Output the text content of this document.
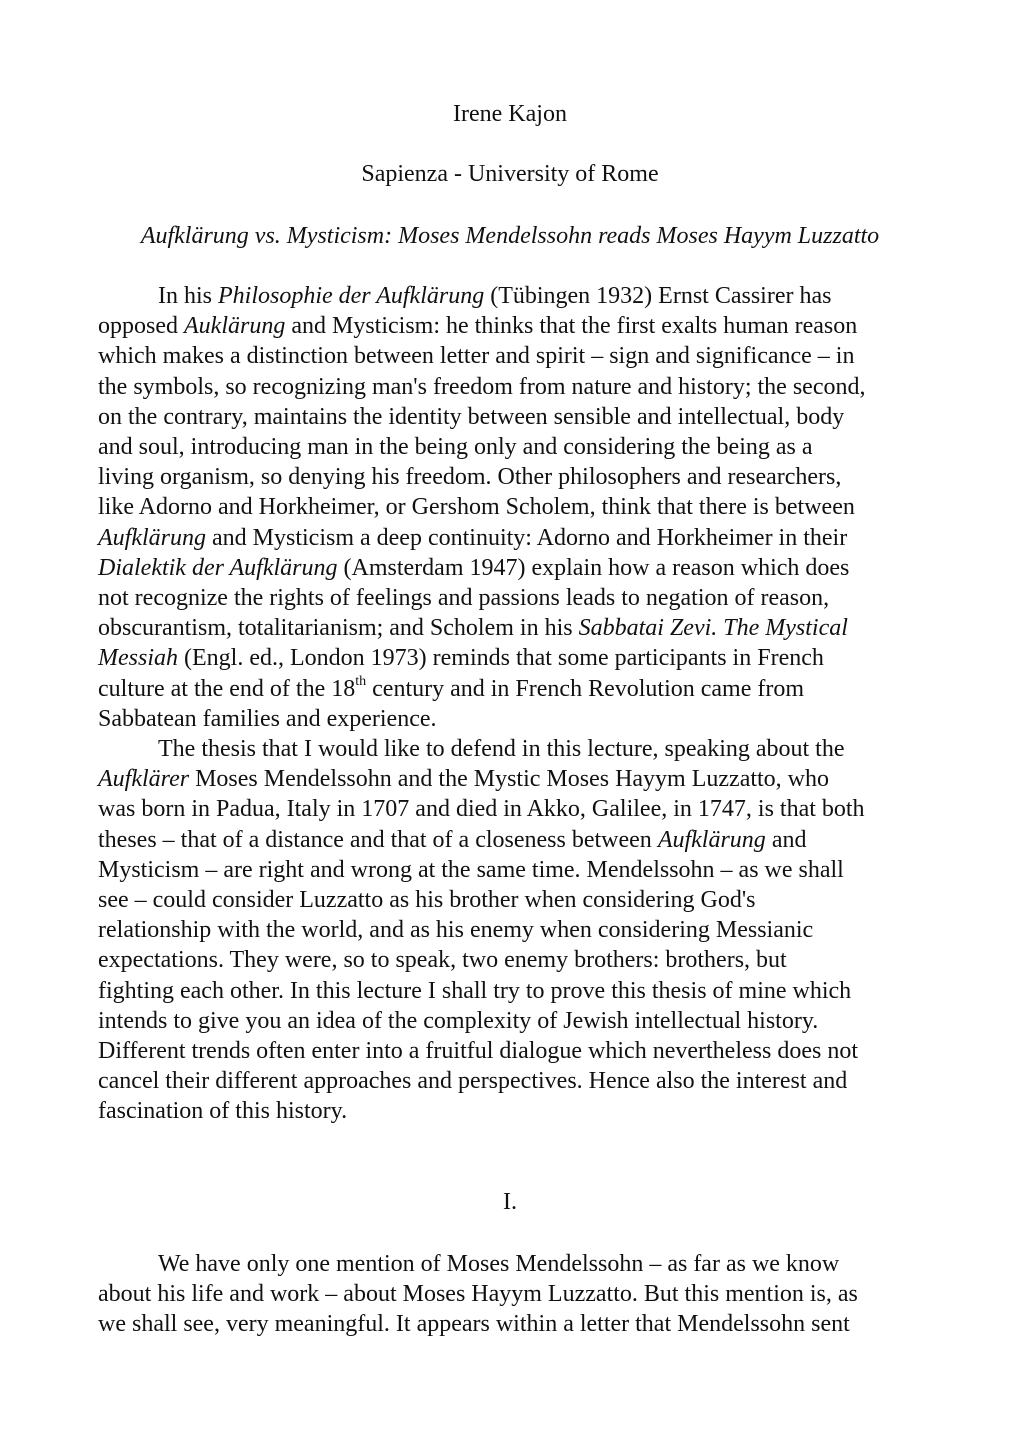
Irene Kajon
Sapienza - University of Rome
Aufklärung vs. Mysticism: Moses Mendelssohn reads Moses Hayym Luzzatto
In his Philosophie der Aufklärung (Tübingen 1932) Ernst Cassirer has
opposed Auklärung and Mysticism: he thinks that the first exalts human reason
which makes a distinction between letter and spirit – sign and significance – in
the symbols, so recognizing man's freedom from nature and history; the second,
on the contrary, maintains the identity between sensible and intellectual, body
and soul, introducing man in the being only and considering the being as a
living organism, so denying his freedom. Other philosophers and researchers,
like Adorno and Horkheimer, or Gershom Scholem, think that there is between
Aufklärung and Mysticism a deep continuity: Adorno and Horkheimer in their
Dialektik der Aufklärung (Amsterdam 1947) explain how a reason which does
not recognize the rights of feelings and passions leads to negation of reason,
obscurantism, totalitarianism; and Scholem in his Sabbatai Zevi. The Mystical
Messiah (Engl. ed., London 1973) reminds that some participants in French
culture at the end of the 18th century and in French Revolution came from
Sabbatean families and experience.
The thesis that I would like to defend in this lecture, speaking about the
Aufklärer Moses Mendelssohn and the Mystic Moses Hayym Luzzatto, who
was born in Padua, Italy in 1707 and died in Akko, Galilee, in 1747, is that both
theses – that of a distance and that of a closeness between Aufklärung and
Mysticism – are right and wrong at the same time. Mendelssohn – as we shall
see – could consider Luzzatto as his brother when considering God's
relationship with the world, and as his enemy when considering Messianic
expectations. They were, so to speak, two enemy brothers: brothers, but
fighting each other. In this lecture I shall try to prove this thesis of mine which
intends to give you an idea of the complexity of Jewish intellectual history.
Different trends often enter into a fruitful dialogue which nevertheless does not
cancel their different approaches and perspectives. Hence also the interest and
fascination of this history.
I.
We have only one mention of Moses Mendelssohn – as far as we know
about his life and work – about Moses Hayym Luzzatto. But this mention is, as
we shall see, very meaningful. It appears within a letter that Mendelssohn sent
